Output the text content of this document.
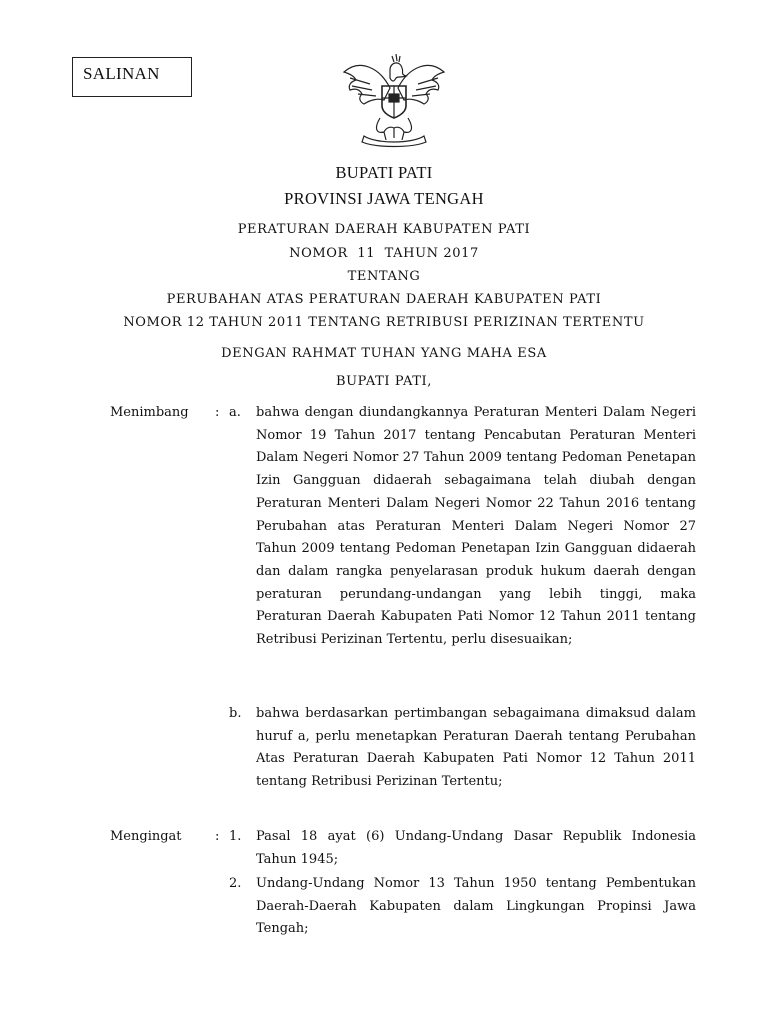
SALINAN
BUPATI PATI
PROVINSI JAWA TENGAH
PERATURAN DAERAH KABUPATEN PATI
NOMOR  11  TAHUN 2017
TENTANG
PERUBAHAN ATAS PERATURAN DAERAH KABUPATEN PATI
NOMOR 12 TAHUN 2011 TENTANG RETRIBUSI PERIZINAN TERTENTU
DENGAN RAHMAT TUHAN YANG MAHA ESA
BUPATI PATI,
Menimbang : a. bahwa dengan diundangkannya Peraturan Menteri Dalam Negeri Nomor 19 Tahun 2017 tentang Pencabutan Peraturan Menteri Dalam Negeri Nomor 27 Tahun 2009 tentang Pedoman Penetapan Izin Gangguan didaerah sebagaimana telah diubah dengan Peraturan Menteri Dalam Negeri Nomor 22 Tahun 2016 tentang Perubahan atas Peraturan Menteri Dalam Negeri Nomor 27 Tahun 2009 tentang Pedoman Penetapan Izin Gangguan didaerah dan dalam rangka penyelarasan produk hukum daerah dengan peraturan perundang-undangan yang lebih tinggi, maka Peraturan Daerah Kabupaten Pati Nomor 12 Tahun 2011 tentang Retribusi Perizinan Tertentu, perlu disesuaikan;
b. bahwa berdasarkan pertimbangan sebagaimana dimaksud dalam huruf a, perlu menetapkan Peraturan Daerah tentang Perubahan Atas Peraturan Daerah Kabupaten Pati Nomor 12 Tahun 2011 tentang Retribusi Perizinan Tertentu;
Mengingat	: 1. Pasal 18 ayat (6) Undang-Undang Dasar Republik Indonesia Tahun 1945;
2. Undang-Undang Nomor 13 Tahun 1950 tentang Pembentukan Daerah-Daerah Kabupaten dalam Lingkungan Propinsi Jawa Tengah;
